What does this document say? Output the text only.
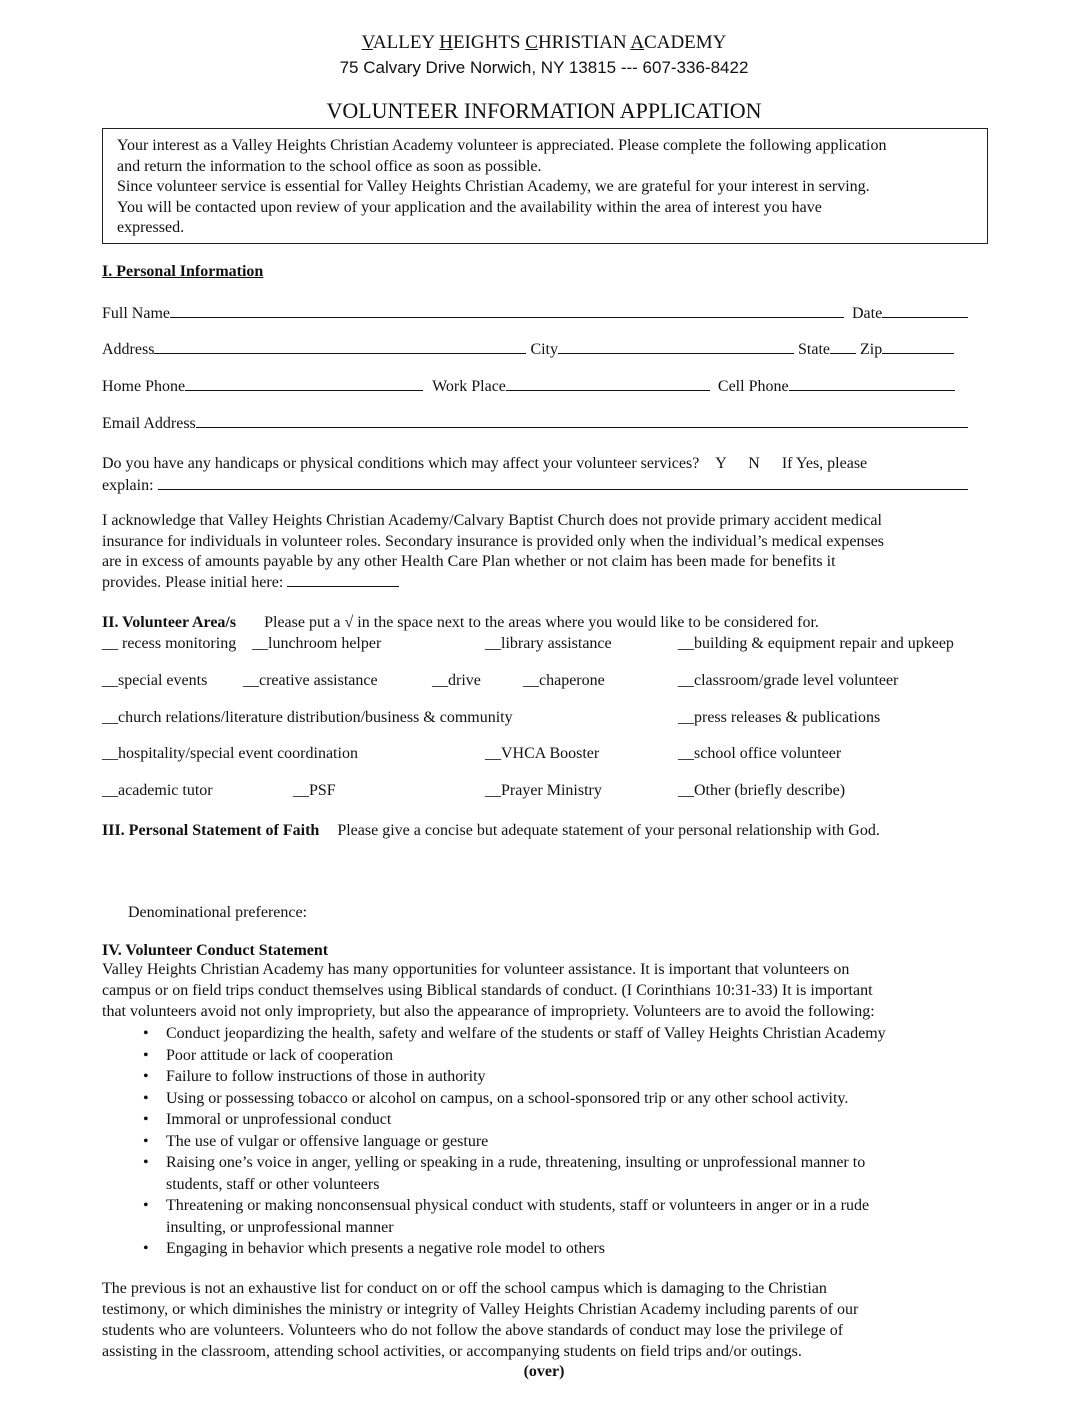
VALLEY HEIGHTS CHRISTIAN ACADEMY
75 Calvary Drive Norwich, NY 13815 --- 607-336-8422
VOLUNTEER INFORMATION APPLICATION
Your interest as a Valley Heights Christian Academy volunteer is appreciated. Please complete the following application
and return the information to the school office as soon as possible.
Since volunteer service is essential for Valley Heights Christian Academy, we are grateful for your interest in serving.
You will be contacted upon review of your application and the availability within the area of interest you have
expressed.
I. Personal Information
Full Name	Date
Address	City	State Zip
Home Phone	Work Place	Cell Phone
Email Address
Do you have any handicaps or physical conditions which may affect your volunteer services? Y N If Yes, please
explain:
I acknowledge that Valley Heights Christian Academy/Calvary Baptist Church does not provide primary accident medical
insurance for individuals in volunteer roles. Secondary insurance is provided only when the individual’s medical expenses
are in excess of amounts payable by any other Health Care Plan whether or not claim has been made for benefits it
provides. Please initial here:
II. Volunteer Area/s Please put a √ in the space next to the areas where you would like to be considered for.
__ recess monitoring __lunchroom helper	__library assistance	__building & equipment repair and upkeep
__special events __creative assistance	__drive	__chaperone	__classroom/grade level volunteer
__church relations/literature distribution/business & community	__press releases & publications
__hospitality/special event coordination	__VHCA Booster	__school office volunteer
__academic tutor	__PSF	__Prayer Ministry	__Other (briefly describe)
III. Personal Statement of Faith Please give a concise but adequate statement of your personal relationship with God.
Denominational preference:
IV. Volunteer Conduct Statement
Valley Heights Christian Academy has many opportunities for volunteer assistance. It is important that volunteers on
campus or on field trips conduct themselves using Biblical standards of conduct. (I Corinthians 10:31-33) It is important
that volunteers avoid not only impropriety, but also the appearance of impropriety. Volunteers are to avoid the following:
• Conduct jeopardizing the health, safety and welfare of the students or staff of Valley Heights Christian Academy
• Poor attitude or lack of cooperation
• Failure to follow instructions of those in authority
• Using or possessing tobacco or alcohol on campus, on a school-sponsored trip or any other school activity.
• Immoral or unprofessional conduct
• The use of vulgar or offensive language or gesture
• Raising one’s voice in anger, yelling or speaking in a rude, threatening, insulting or unprofessional manner to
students, staff or other volunteers
• Threatening or making nonconsensual physical conduct with students, staff or volunteers in anger or in a rude
insulting, or unprofessional manner
• Engaging in behavior which presents a negative role model to others
The previous is not an exhaustive list for conduct on or off the school campus which is damaging to the Christian
testimony, or which diminishes the ministry or integrity of Valley Heights Christian Academy including parents of our
students who are volunteers. Volunteers who do not follow the above standards of conduct may lose the privilege of
assisting in the classroom, attending school activities, or accompanying students on field trips and/or outings.
(over)
